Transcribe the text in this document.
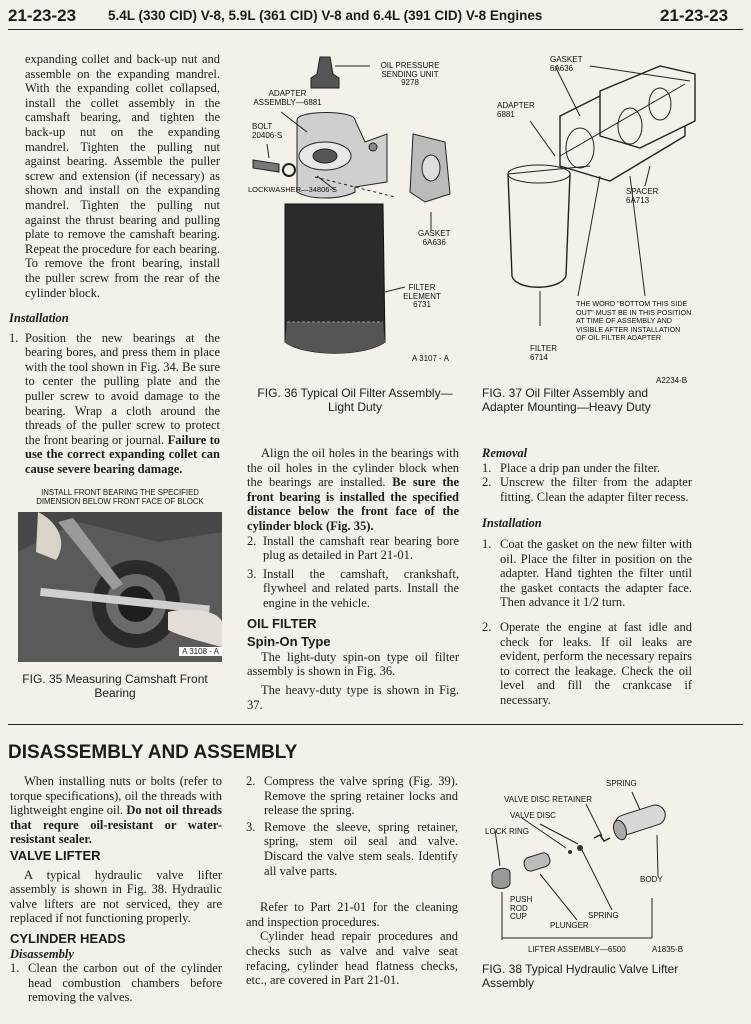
21-23-23 5.4L (330 CID) V-8, 5.9L (361 CID) V-8 and 6.4L (391 CID) V-8 Engines	21-23-23

expanding collet and back-up nut and assemble on the expanding mandrel. With the expanding collet collapsed, install the collet assembly in the camshaft bearing, and tighten the back-up nut on the expanding mandrel. Tighten the pulling nut against bearing. Assemble the puller screw and extension (if necessary) as shown and install on the expanding mandrel. Tighten the pulling nut against the thrust bearing and pulling plate to remove the camshaft bearing. Repeat the procedure for each bearing. To remove the front bearing, install the puller screw from the rear of the cylinder block.

Installation

1. Position the new bearings at the bearing bores, and press them in place with the tool shown in Fig. 34. Be sure to center the pulling plate and the puller screw to avoid damage to the bearing. Wrap a cloth around the threads of the puller screw to protect the front bearing or journal. Failure to use the correct expanding collet can cause severe bearing damage.

INSTALL FRONT BEARING THE SPECIFIED DIMENSION BELOW FRONT FACE OF BLOCK
A 3108 - A
FIG. 35 Measuring Camshaft Front Bearing
OIL PRESSURE SENDING UNIT
9278
ADAPTER ASSEMBLY—6881
BOLT
20406-S
LOCKWASHER—34806-S
GASKET
6A636
FILTER ELEMENT
6731
A 3107 - A
FIG. 36 Typical Oil Filter Assembly— Light Duty
GASKET
6A636
ADAPTER
6881
SPACER
6A713
THE WORD "BOTTOM THIS SIDE OUT" MUST BE IN THIS POSITION AT TIME OF ASSEMBLY AND VISIBLE AFTER INSTALLATION OF OIL FILTER ADAPTER
FILTER
6714
A2234-B
FIG. 37 Oil Filter Assembly and Adapter Mounting—Heavy Duty

Align the oil holes in the bearings with the oil holes in the cylinder block when the bearings are installed. Be sure the front bearing is installed the specified distance below the front face of the cylinder block (Fig. 35).

2. Install the camshaft rear bearing bore plug as detailed in Part 21-01.

3. Install the camshaft, crankshaft, flywheel and related parts. Install the engine in the vehicle.

OIL FILTER

Spin-On Type

The light-duty spin-on type oil filter assembly is shown in Fig. 36.

The heavy-duty type is shown in Fig. 37.

Removal

1. Place a drip pan under the filter.

2. Unscrew the filter from the adapter fitting. Clean the adapter filter recess.

Installation

1. Coat the gasket on the new filter with oil. Place the filter in position on the adapter. Hand tighten the filter until the gasket contacts the adapter face. Then advance it 1/2 turn.

2. Operate the engine at fast idle and check for leaks. If oil leaks are evident, perform the necessary repairs to correct the leakage. Check the oil level and fill the crankcase if necessary.

DISASSEMBLY AND ASSEMBLY

When installing nuts or bolts (refer to torque specifications), oil the threads with lightweight engine oil. Do not oil threads that requre oil-resistant or water-resistant sealer.

VALVE LIFTER

A typical hydraulic valve lifter assembly is shown in Fig. 38. Hydraulic valve lifters are not serviced, they are replaced if not functioning properly.

CYLINDER HEADS

Disassembly

1. Clean the carbon out of the cylinder head combustion chambers before removing the valves.

2. Compress the valve spring (Fig. 39). Remove the spring retainer locks and release the spring.

3. Remove the sleeve, spring retainer, spring, stem oil seal and valve. Discard the valve stem seals. Identify all valve parts.

Refer to Part 21-01 for the cleaning and inspection procedures.

Cylinder head repair procedures and checks such as valve and valve seat refacing, cylinder head flatness checks, etc., are covered in Part 21-01.

SPRING
VALVE DISC RETAINER
VALVE DISC
LOCK RING
BODY
PUSH ROD CUP
PLUNGER
SPRING
LIFTER ASSEMBLY—6500	A1835-B
FIG. 38 Typical Hydraulic Valve Lifter Assembly
